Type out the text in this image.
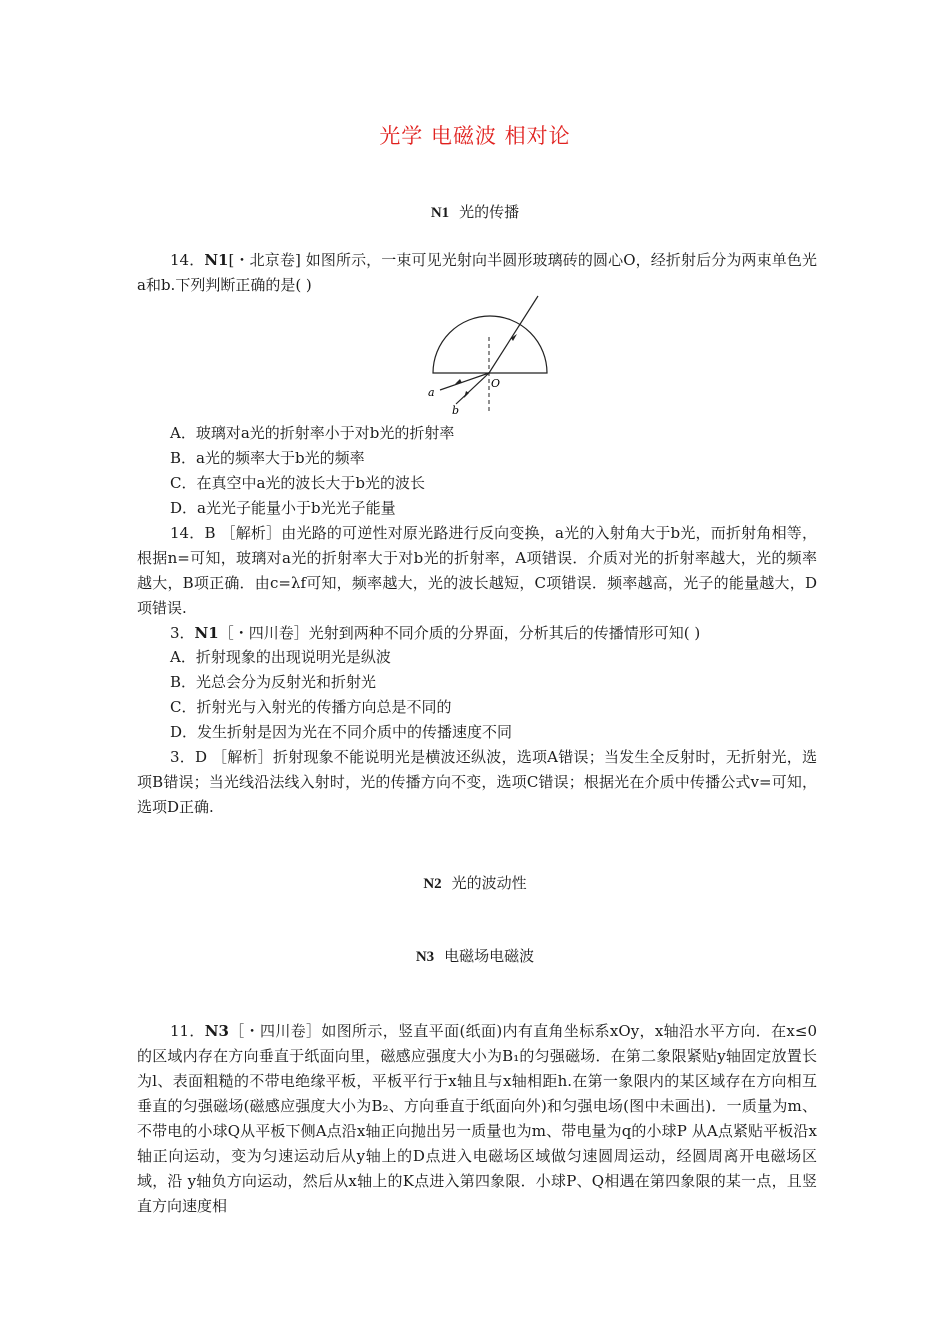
光学 电磁波 相对论
N1 光的传播

14．N1[・北京卷] 如图所示，一束可见光射向半圆形玻璃砖的圆心O，经折射后分为两束单色光a和b.下列判断正确的是( )

O
a
b
A．玻璃对a光的折射率小于对b光的折射率
B．a光的频率大于b光的频率
C．在真空中a光的波长大于b光的波长
D．a光光子能量小于b光光子能量

14．B ［解析］由光路的可逆性对原光路进行反向变换，a光的入射角大于b光，而折射角相等，根据n=可知，玻璃对a光的折射率大于对b光的折射率，A项错误．介质对光的折射率越大，光的频率越大，B项正确．由c=λf可知，频率越大，光的波长越短，C项错误．频率越高，光子的能量越大，D项错误.

3．N1［・四川卷］光射到两种不同介质的分界面，分析其后的传播情形可知( )

A．折射现象的出现说明光是纵波
B．光总会分为反射光和折射光
C．折射光与入射光的传播方向总是不同的
D．发生折射是因为光在不同介质中的传播速度不同

3．D ［解析］折射现象不能说明光是横波还纵波，选项A错误；当发生全反射时，无折射光，选项B错误；当光线沿法线入射时，光的传播方向不变，选项C错误；根据光在介质中传播公式v=可知，选项D正确.

N2 光的波动性
N3 电磁场电磁波

11．N3［・四川卷］如图所示，竖直平面(纸面)内有直角坐标系xOy，x轴沿水平方向．在x≤0的区域内存在方向垂直于纸面向里，磁感应强度大小为B₁的匀强磁场．在第二象限紧贴y轴固定放置长为l、表面粗糙的不带电绝缘平板，平板平行于x轴且与x轴相距h.在第一象限内的某区域存在方向相互垂直的匀强磁场(磁感应强度大小为B₂、方向垂直于纸面向外)和匀强电场(图中未画出)．一质量为m、不带电的小球Q从平板下侧A点沿x轴正向抛出另一质量也为m、带电量为q的小球P 从A点紧贴平板沿x轴正向运动，变为匀速运动后从y轴上的D点进入电磁场区域做匀速圆周运动，经圆周离开电磁场区域，沿 y轴负方向运动，然后从x轴上的K点进入第四象限．小球P、Q相遇在第四象限的某一点，且竖直方向速度相
